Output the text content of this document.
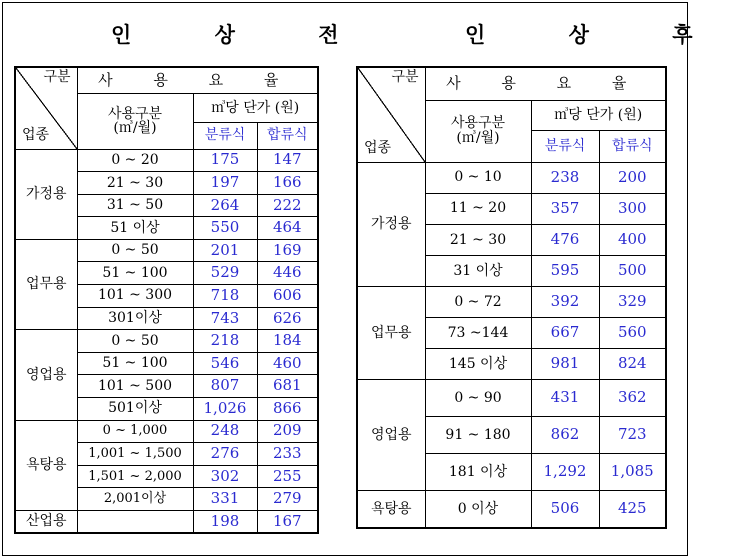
인 상 전	인 상 후
구분
업종	사 용 요 율		

	사용구분
(㎥/월)	㎥당 단가 (원)	
		분류식	합류식
가정용	0 ~ 20	175	147
	21 ~ 30	197	166
	31 ~ 50	264	222
	51 이상	550	464
업무용	0 ~ 50	201	169
	51 ~ 100	529	446
	101 ~ 300	718	606
	301이상	743	626
영업용	0 ~ 50	218	184
	51 ~ 100	546	460
	101 ~ 500	807	681
	501이상	1,026	866
욕탕용	0 ~ 1,000	248	209
	1,001 ~ 1,500	276	233
	1,501 ~ 2,000	302	255
	2,001이상	331	279
산업용		198	167
구분
업종	사 용 요 율		

	사용구분
(㎥/월)	㎥당 단가 (원)	
		분류식	합류식
가정용	0 ~ 10	238	200
	11 ~ 20	357	300
	21 ~ 30	476	400
	31 이상	595	500
업무용	0 ~ 72	392	329
	73 ~144	667	560
	145 이상	981	824
영업용	0 ~ 90	431	362
	91 ~ 180	862	723
	181 이상	1,292	1,085
욕탕용	0 이상	506	425
